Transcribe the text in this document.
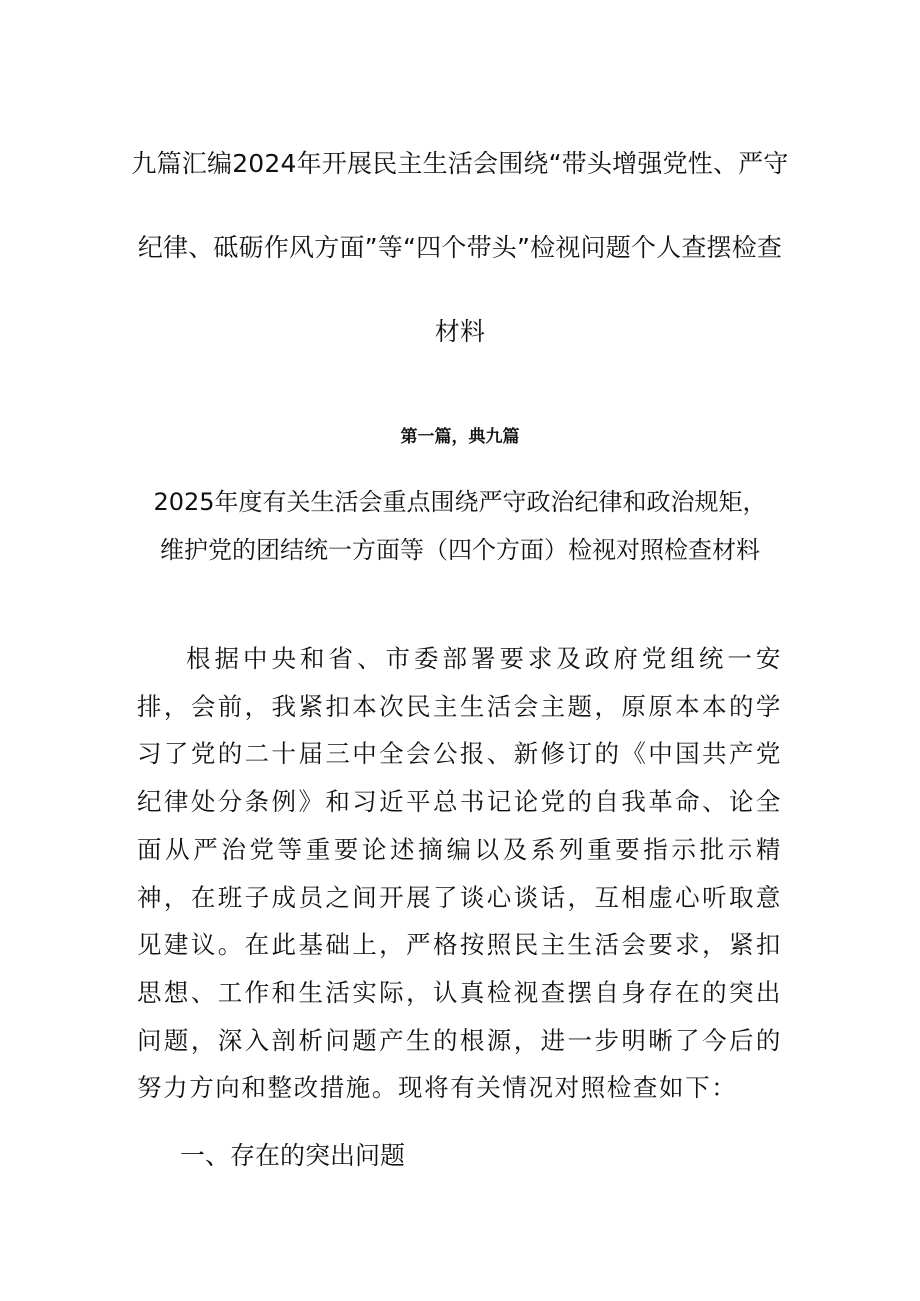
九篇汇编2024年开展民主生活会围绕“带头增强党性、严守纪律、砥砺作风方面”等“四个带头”检视问题个人查摆检查材料
第一篇，典九篇
2025年度有关生活会重点围绕严守政治纪律和政治规矩，维护党的团结统一方面等（四个方面）检视对照检查材料

根据中央和省、市委部署要求及政府党组统一安排，会前，我紧扣本次民主生活会主题，原原本本的学习了党的二十届三中全会公报、新修订的《中国共产党纪律处分条例》和习近平总书记论党的自我革命、论全面从严治党等重要论述摘编以及系列重要指示批示精神，在班子成员之间开展了谈心谈话，互相虚心听取意见建议。在此基础上，严格按照民主生活会要求，紧扣思想、工作和生活实际，认真检视查摆自身存在的突出问题，深入剖析问题产生的根源，进一步明晰了今后的努力方向和整改措施。现将有关情况对照检查如下：

一、存在的突出问题
